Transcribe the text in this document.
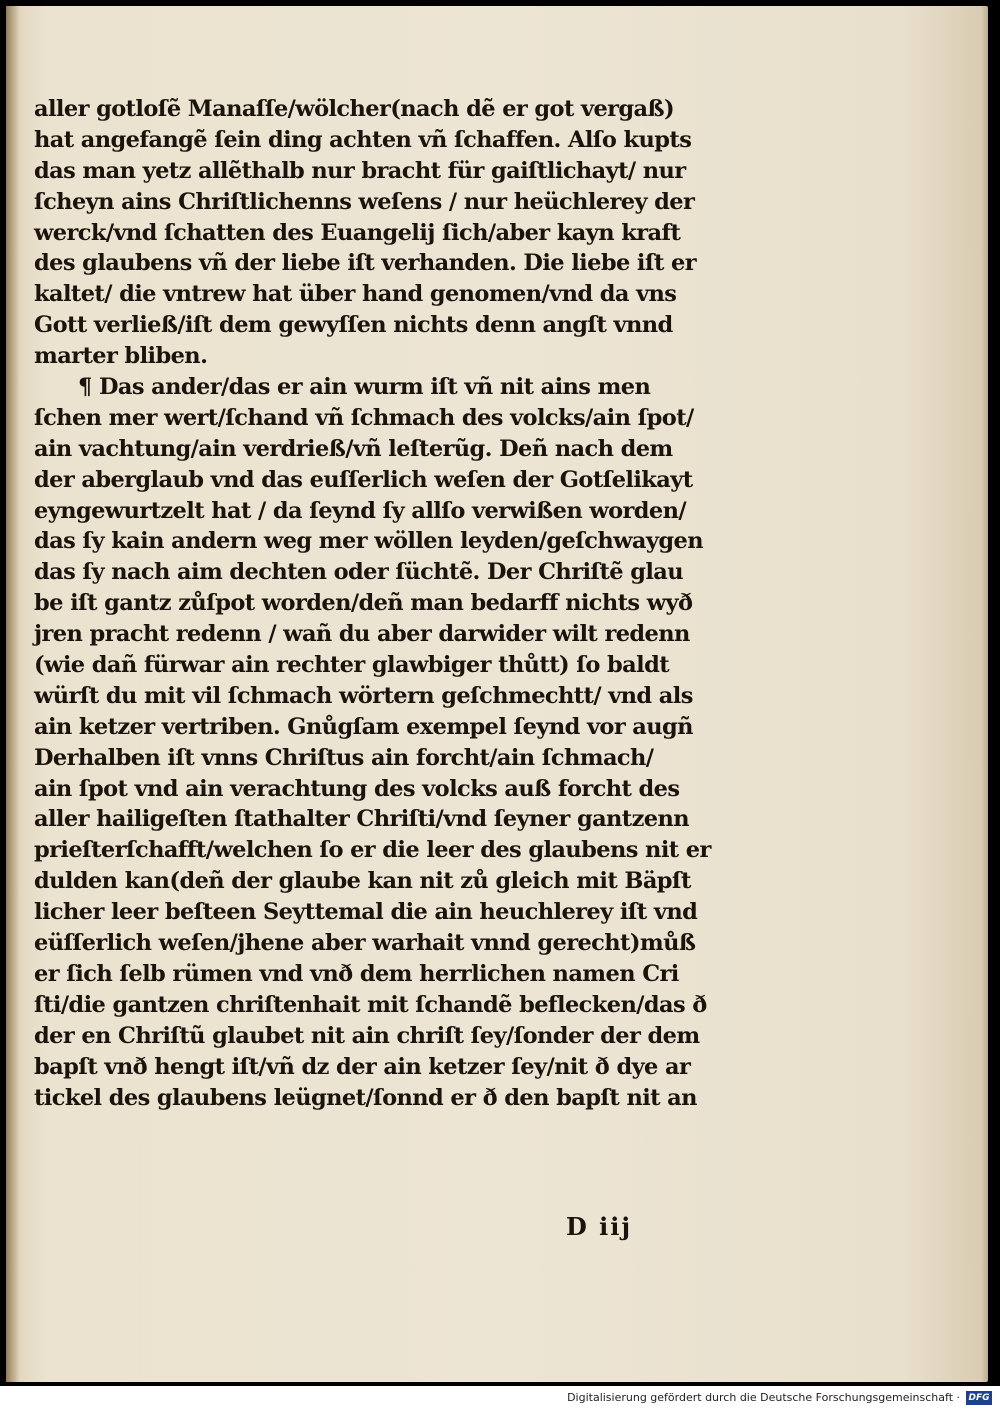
aller gotloſẽ Manaſſe/wölcher(nach dẽ er got vergaß)
hat angefangẽ ſein ding achten vñ ſchaffen. Alſo kupts
das man yetz allẽthalb nur bracht für gaiſtlichayt/ nur
ſcheyn ains Chriſtlichenns weſens / nur heüchlerey der
werck/vnd ſchatten des Euangelij ſich/aber kayn kraft
des glaubens vñ der liebe iſt verhanden. Die liebe iſt er
kaltet/ die vntrew hat über hand genomen/vnd da vns
Gott verließ/iſt dem gewyſſen nichts denn angſt vnnd
marter bliben.
¶ Das ander/das er ain wurm iſt vñ nit ains men
ſchen mer wert/ſchand vñ ſchmach des volcks/ain ſpot/
ain vachtung/ain verdrieß/vñ leſterũg. Deñ nach dem
der aberglaub vnd das euſſerlich weſen der Gotſelikayt
eyngewurtzelt hat / da ſeynd ſy allſo verwißen worden/
das ſy kain andern weg mer wöllen leyden/geſchwaygen
das ſy nach aim dechten oder ſüchtẽ. Der Chriſtẽ glau
be iſt gantz zůſpot worden/deñ man bedarff nichts wyð
jren pracht redenn / wañ du aber darwider wilt redenn
(wie dañ fürwar ain rechter glawbiger thůtt) ſo baldt
würſt du mit vil ſchmach wörtern geſchmechtt/ vnd als
ain ketzer vertriben. Gnůgſam exempel ſeynd vor augñ
Derhalben iſt vnns Chriſtus ain forcht/ain ſchmach/
ain ſpot vnd ain verachtung des volcks auß forcht des
aller hailigeſten ſtathalter Chriſti/vnd ſeyner gantzenn
prieſterſchafft/welchen ſo er die leer des glaubens nit er
dulden kan(deñ der glaube kan nit zů gleich mit Bäpſt
licher leer beſteen Seyttemal die ain heuchlerey iſt vnd
eüſſerlich weſen/jhene aber warhait vnnd gerecht)můß
er ſich ſelb rümen vnd vnð dem herrlichen namen Cri
ſti/die gantzen chriſtenhait mit ſchandẽ beflecken/das ð
der en Chriſtũ glaubet nit ain chriſt ſey/ſonder der dem
bapſt vnð hengt iſt/vñ dz der ain ketzer ſey/nit ð dye ar
tickel des glaubens leügnet/ſonnd er ð den bapſt nit an
D iij
Digitalisierung gefördert durch die Deutsche Forschungsgemeinschaft · DFG
